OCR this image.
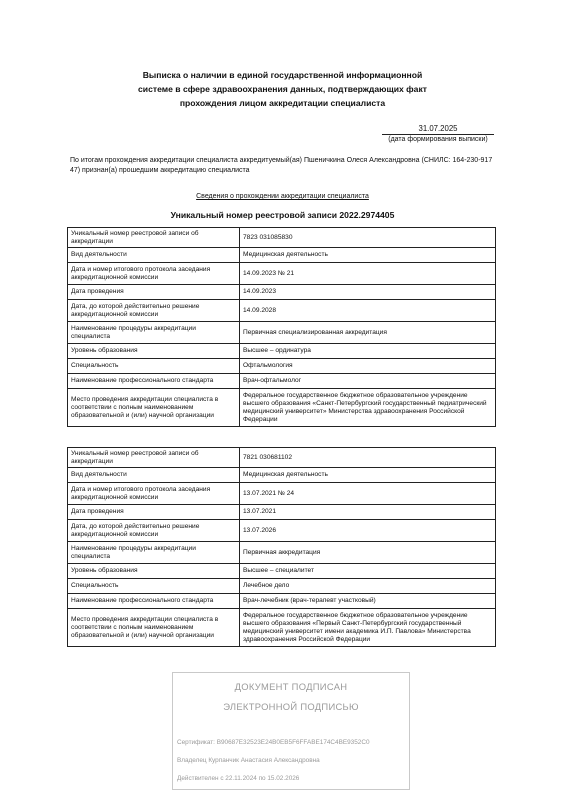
Выписка о наличии в единой государственной информационной
системе в сфере здравоохранения данных, подтверждающих факт
прохождения лицом аккредитации специалиста
31.07.2025
(дата формирования выписки)
По итогам прохождения аккредитации специалиста аккредитуемый(ая) Пшеничкина Олеся Александровна (СНИЛС: 164-230-917 47) признан(а) прошедшим аккредитацию специалиста
Сведения о прохождении аккредитации специалиста
Уникальный номер реестровой записи 2022.2974405
Уникальный номер реестровой записи об аккредитации	7823 031085830
Вид деятельности	Медицинская деятельность
Дата и номер итогового протокола заседания аккредитационной комиссии	14.09.2023 № 21
Дата проведения	14.09.2023
Дата, до которой действительно решение аккредитационной комиссии	14.09.2028
Наименование процедуры аккредитации специалиста	Первичная специализированная аккредитация
Уровень образования	Высшее – ординатура
Специальность	Офтальмология
Наименование профессионального стандарта	Врач-офтальмолог
Место проведения аккредитации специалиста в соответствии с полным наименованием образовательной и (или) научной организации	Федеральное государственное бюджетное образовательное учреждение высшего образования «Санкт-Петербургский государственный педиатрический медицинский университет» Министерства здравоохранения Российской Федерации
Уникальный номер реестровой записи об аккредитации	7821 030681102
Вид деятельности	Медицинская деятельность
Дата и номер итогового протокола заседания аккредитационной комиссии	13.07.2021 № 24
Дата проведения	13.07.2021
Дата, до которой действительно решение аккредитационной комиссии	13.07.2026
Наименование процедуры аккредитации специалиста	Первичная аккредитация
Уровень образования	Высшее – специалитет
Специальность	Лечебное дело
Наименование профессионального стандарта	Врач-лечебник (врач-терапевт участковый)
Место проведения аккредитации специалиста в соответствии с полным наименованием образовательной и (или) научной организации	Федеральное государственное бюджетное образовательное учреждение высшего образования «Первый Санкт-Петербургский государственный медицинский университет имени академика И.П. Павлова» Министерства здравоохранения Российской Федерации
ДОКУМЕНТ ПОДПИСАН
ЭЛЕКТРОННОЙ ПОДПИСЬЮ
Сертификат: B90687E32523E24B0EB5F6FFABE174C4BE9352C0
Владелец Курпанчик Анастасия Александровна
Действителен с 22.11.2024 по 15.02.2026
